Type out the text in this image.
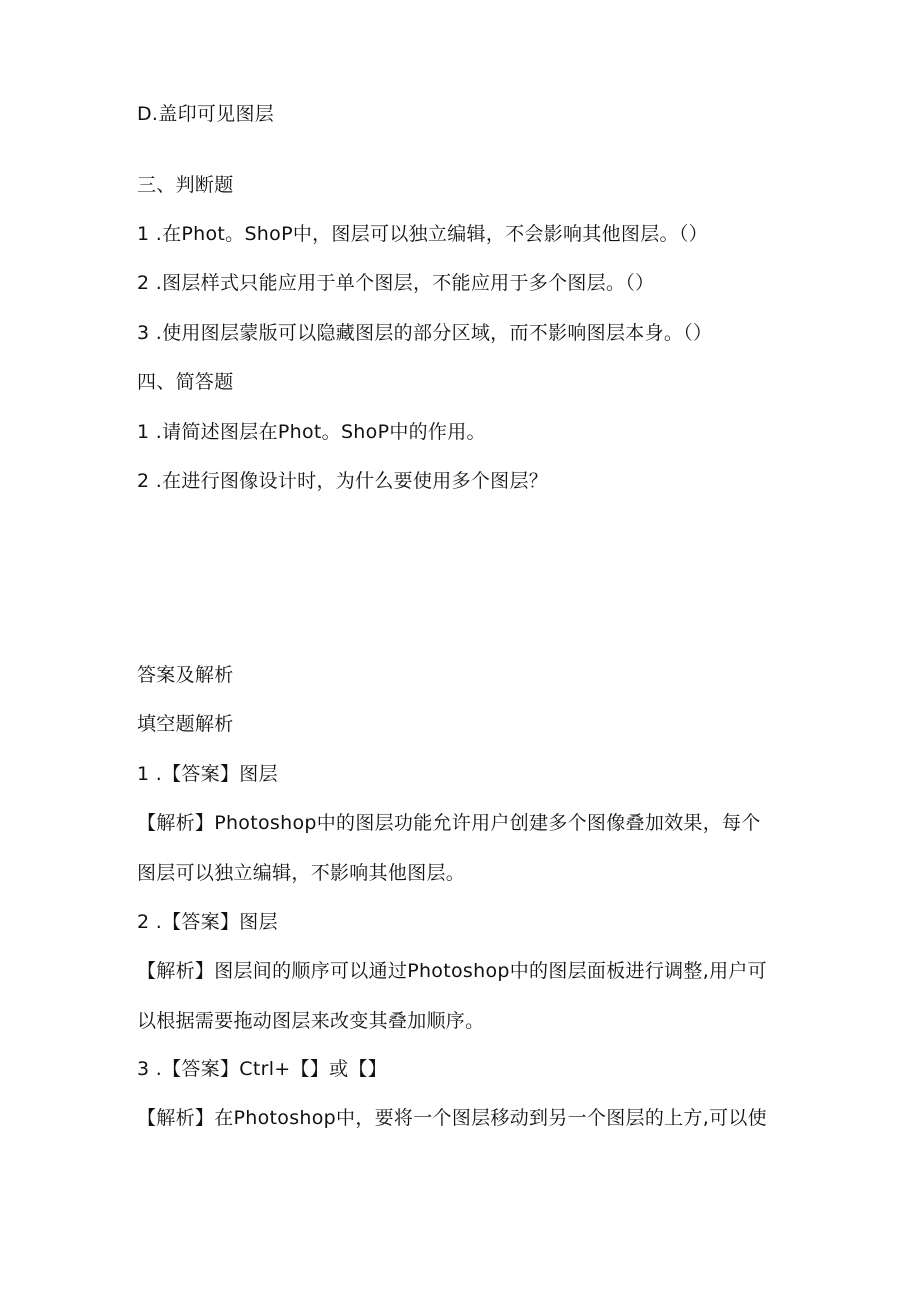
D.盖印可见图层
三、判断题
1 .在Phot。ShoP中，图层可以独立编辑，不会影响其他图层。（）
2 .图层样式只能应用于单个图层，不能应用于多个图层。（）
3 .使用图层蒙版可以隐藏图层的部分区域，而不影响图层本身。（）
四、简答题
1 .请简述图层在Phot。ShoP中的作用。
2 .在进行图像设计时，为什么要使用多个图层？
答案及解析
填空题解析
1 .【答案】图层
【解析】Photoshop中的图层功能允许用户创建多个图像叠加效果，每个
图层可以独立编辑，不影响其他图层。
2 .【答案】图层
【解析】图层间的顺序可以通过Photoshop中的图层面板进行调整,用户可
以根据需要拖动图层来改变其叠加顺序。
3 .【答案】Ctrl+【】或【】
【解析】在Photoshop中，要将一个图层移动到另一个图层的上方,可以使
